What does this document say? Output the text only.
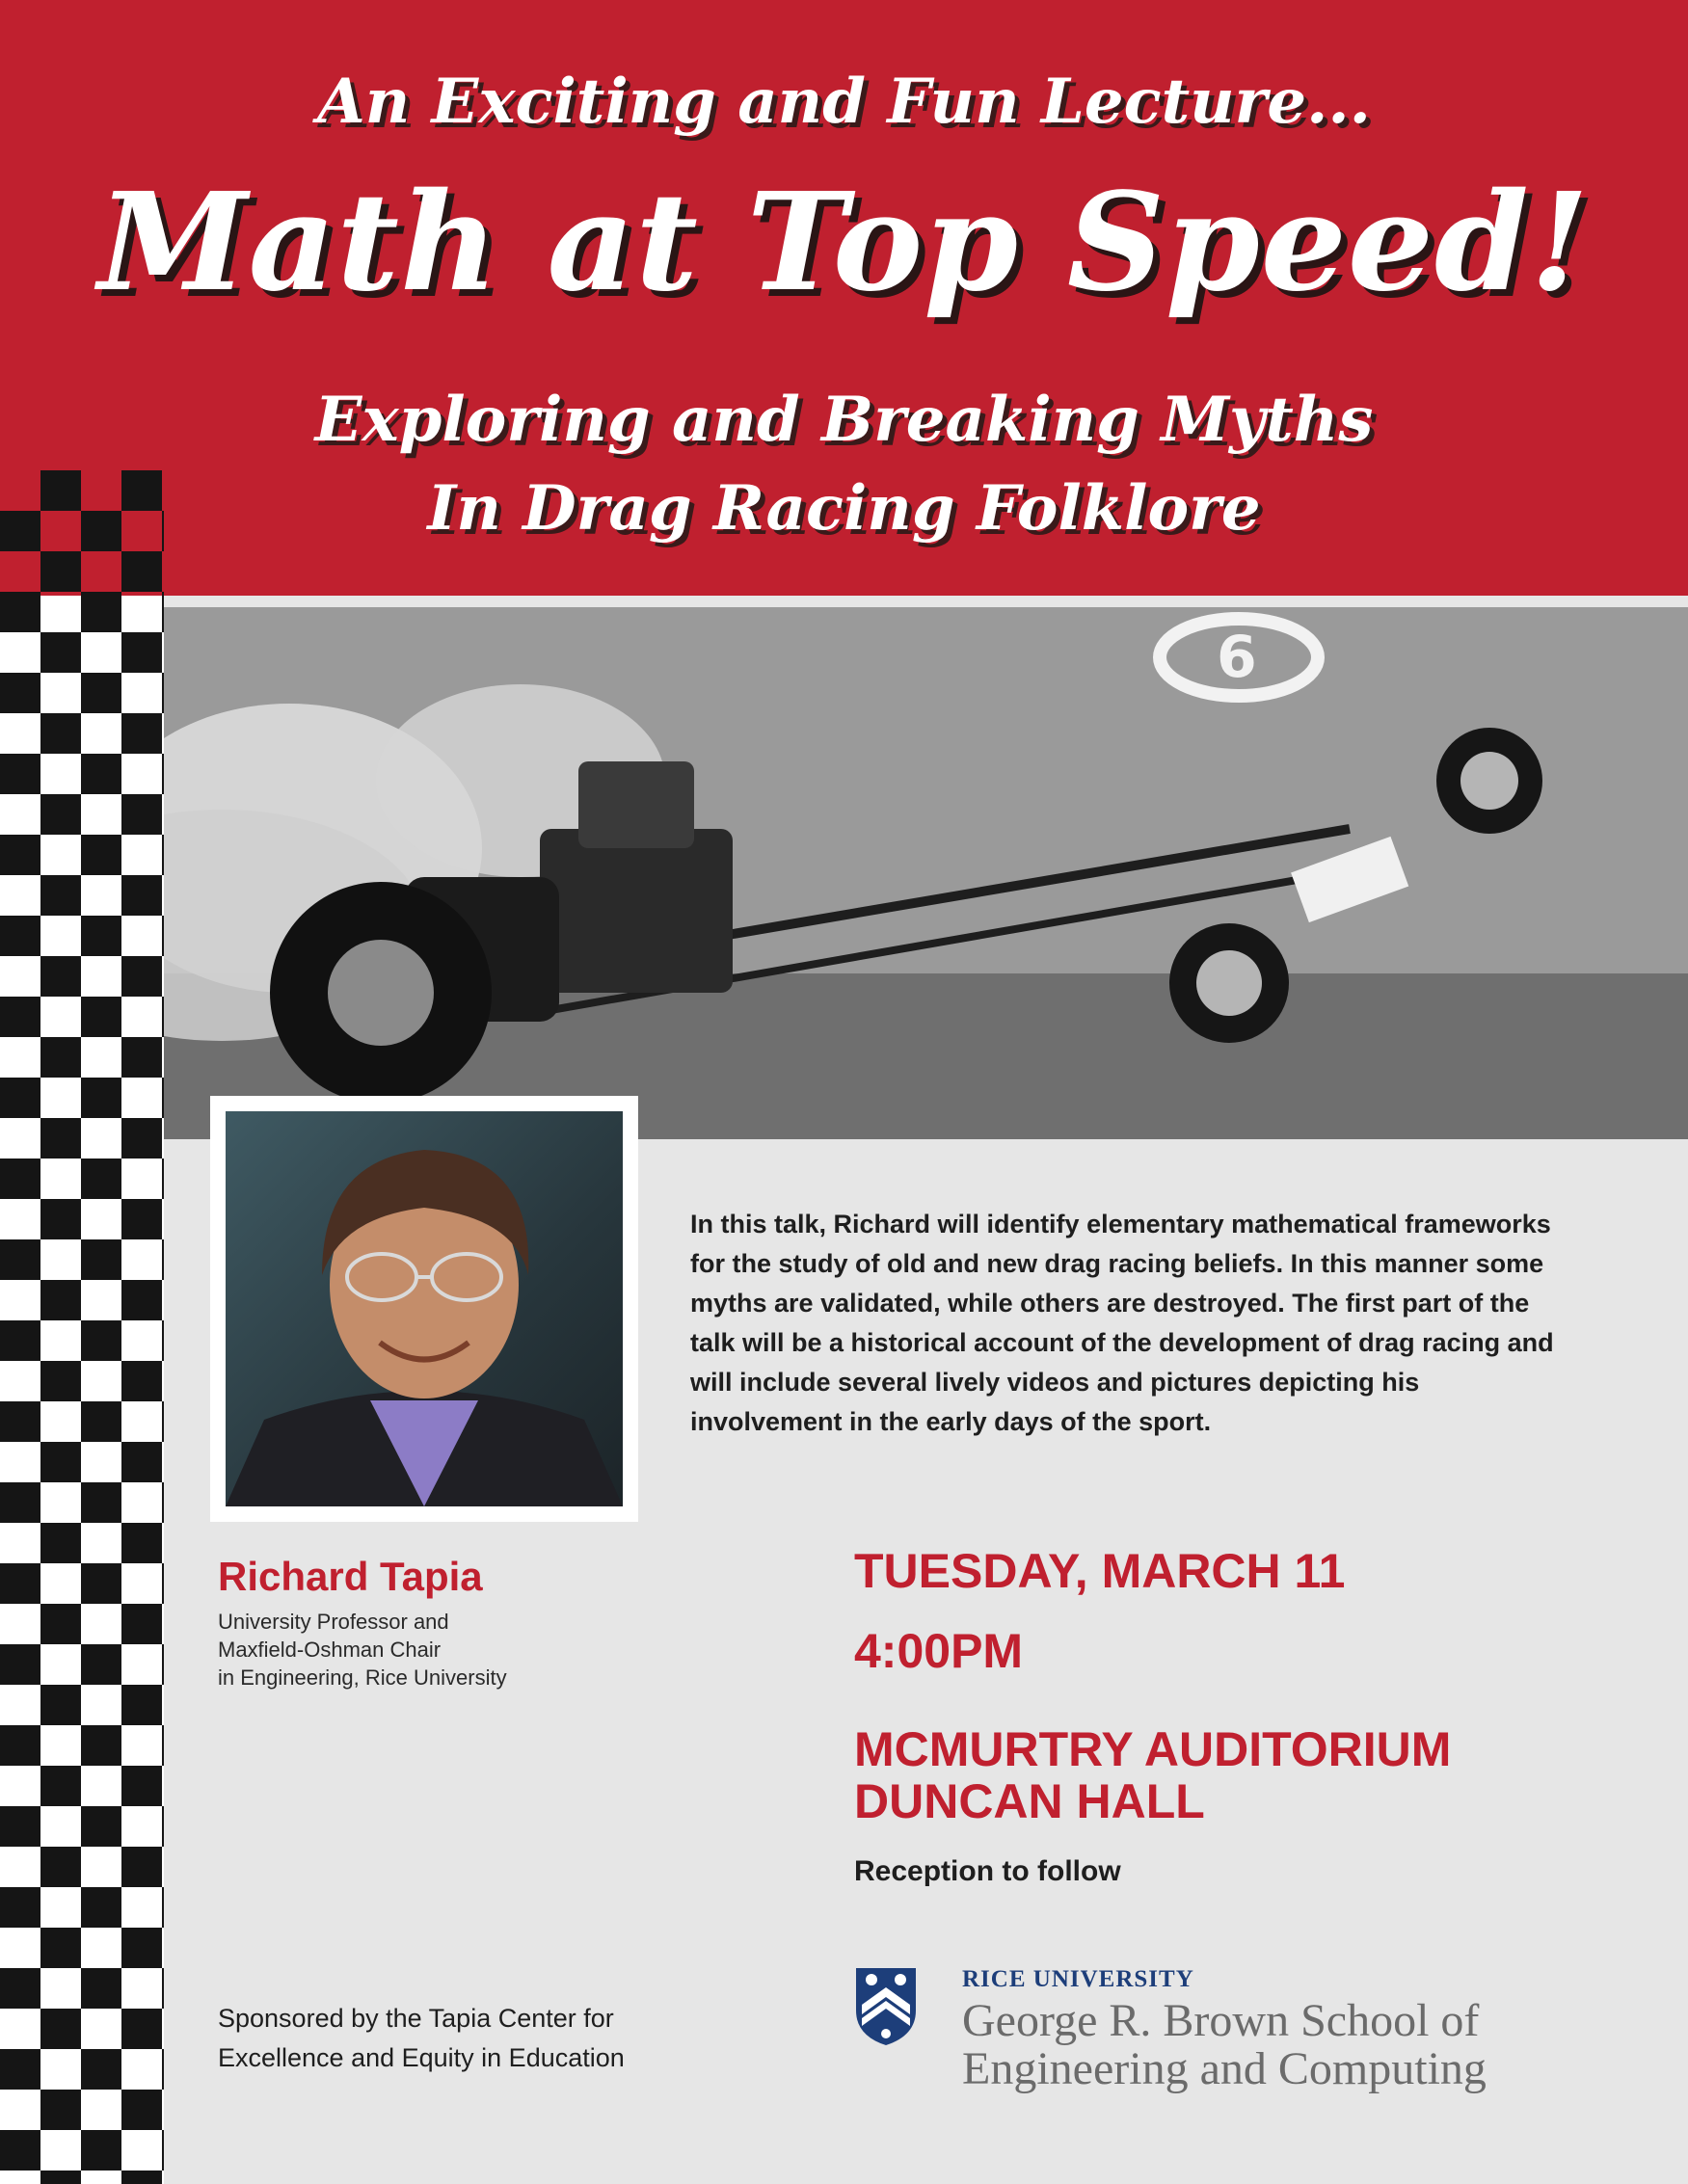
An Exciting and Fun Lecture...

Math at Top Speed!

Exploring and Breaking Myths
In Drag Racing Folklore

6
Richard Tapia

University Professor and
Maxfield-Oshman Chair
in Engineering, Rice University

In this talk, Richard will identify elementary mathematical frameworks for the study of old and new drag racing beliefs. In this manner some myths are validated, while others are destroyed. The first part of the talk will be a historical account of the development of drag racing and will include several lively videos and pictures depicting his involvement in the early days of the sport.

TUESDAY, MARCH 11

4:00PM

MCMURTRY AUDITORIUM
DUNCAN HALL

Reception to follow

Sponsored by the Tapia Center for Excellence and Equity in Education

RICE UNIVERSITY

George R. Brown School of
Engineering and Computing
